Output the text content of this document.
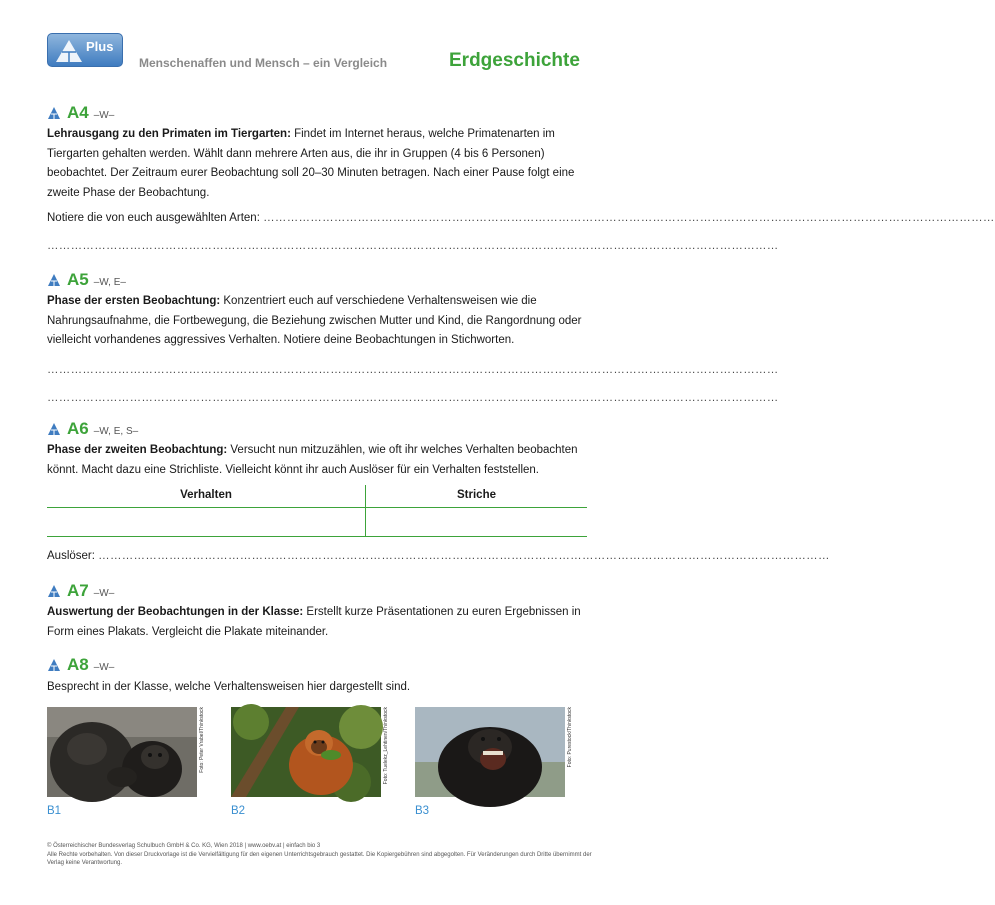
Plus
Menschenaffen und Mensch – ein Vergleich	Erdgeschichte
A4 –W–
Lehrausgang zu den Primaten im Tiergarten: Findet im Internet heraus, welche Primatenarten im Tiergarten gehalten werden. Wählt dann mehrere Arten aus, die ihr in Gruppen (4 bis 6 Personen) beobachtet. Der Zeitraum eurer Beobachtung soll 20–30 Minuten betragen. Nach einer Pause folgt eine zweite Phase der Beobachtung.
Notiere die von euch ausgewählten Arten: ……………………………………………………………………………………………………………………………………………………………………
……………………………………………………………………………………………………………………………………………………………………
A5 –W, E–
Phase der ersten Beobachtung: Konzentriert euch auf verschiedene Verhaltensweisen wie die Nahrungsaufnahme, die Fortbewegung, die Beziehung zwischen Mutter und Kind, die Rangordnung oder vielleicht vorhandenes aggressives Verhalten. Notiere deine Beobachtungen in Stichworten.
……………………………………………………………………………………………………………………………………………………………………
……………………………………………………………………………………………………………………………………………………………………
A6 –W, E, S–
Phase der zweiten Beobachtung: Versucht nun mitzuzählen, wie oft ihr welches Verhalten beobachten könnt. Macht dazu eine Strichliste. Vielleicht könnt ihr auch Auslöser für ein Verhalten feststellen.
Verhalten	Striche
Auslöser: ……………………………………………………………………………………………………………………………………………………………………
A7 –W–
Auswertung der Beobachtungen in der Klasse: Erstellt kurze Präsentationen zu euren Ergebnissen in Form eines Plakats. Vergleicht die Plakate miteinander.
A8 –W–
Besprecht in der Klasse, welche Verhaltensweisen hier dargestellt sind.
Foto: Peter Vrabel/Thinkstock	Foto: Tuelekz_Lehtinen/Thinkstock	Foto: Purestock/Thinkstock
B1	B2	B3
© Österreichischer Bundesverlag Schulbuch GmbH & Co. KG, Wien 2018 | www.oebv.at | einfach bio 3
Alle Rechte vorbehalten. Von dieser Druckvorlage ist die Vervielfältigung für den eigenen Unterrichtsgebrauch gestattet. Die Kopiergebühren sind abgegolten. Für Veränderungen durch Dritte übernimmt der Verlag keine Verantwortung.
